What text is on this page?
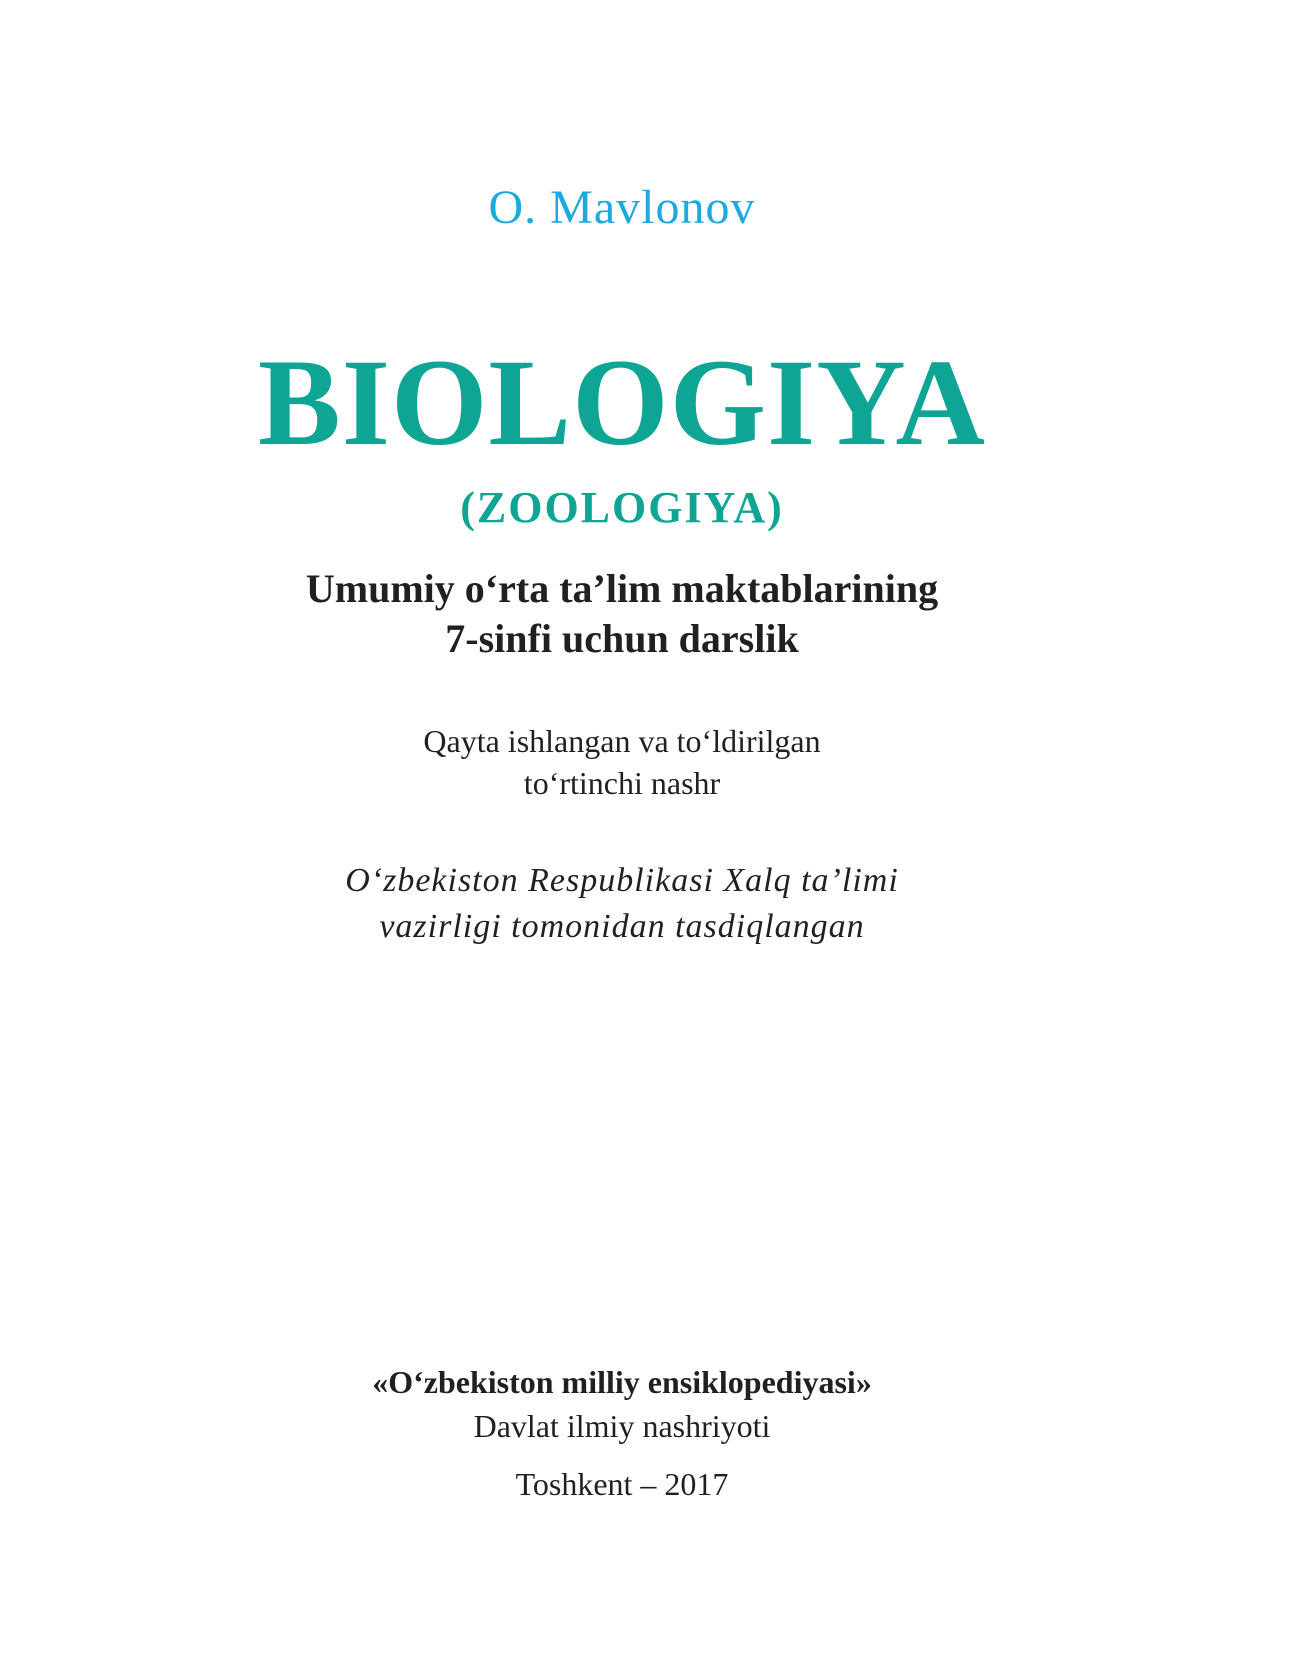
O. Mavlonov
BIOLOGIYA
(ZOOLOGIYA)
Umumiy o‘rta ta’lim maktablarining
7-sinfi uchun darslik
Qayta ishlangan va to‘ldirilgan
to‘rtinchi nashr
O‘zbekiston Respublikasi Xalq ta’limi
vazirligi tomonidan tasdiqlangan
«O‘zbekiston milliy ensiklopediyasi»
Davlat ilmiy nashriyoti
Toshkent – 2017
